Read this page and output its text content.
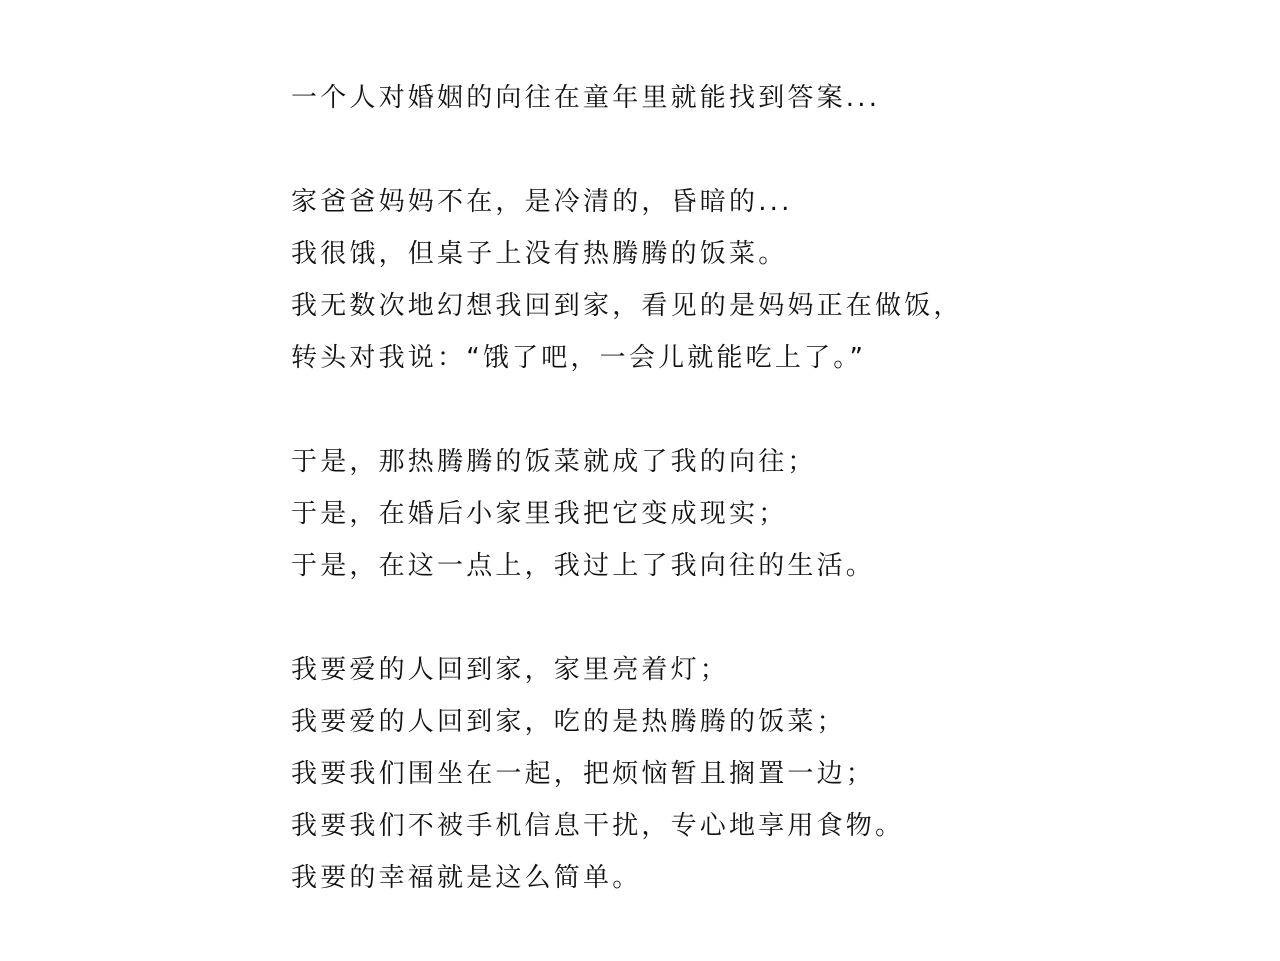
一个人对婚姻的向往在童年里就能找到答案...
家爸爸妈妈不在，是冷清的，昏暗的...
我很饿，但桌子上没有热腾腾的饭菜。
我无数次地幻想我回到家，看见的是妈妈正在做饭，
转头对我说：“饿了吧，一会儿就能吃上了。”
于是，那热腾腾的饭菜就成了我的向往；
于是，在婚后小家里我把它变成现实；
于是，在这一点上，我过上了我向往的生活。
我要爱的人回到家，家里亮着灯；
我要爱的人回到家，吃的是热腾腾的饭菜；
我要我们围坐在一起，把烦恼暂且搁置一边；
我要我们不被手机信息干扰，专心地享用食物。
我要的幸福就是这么简单。
